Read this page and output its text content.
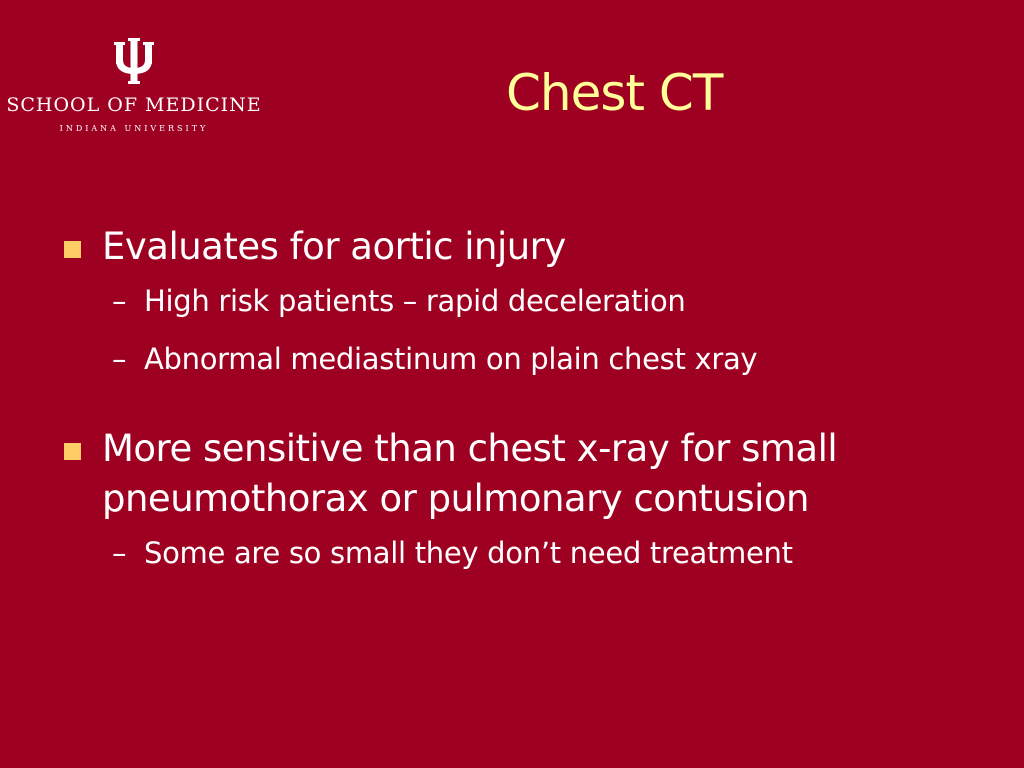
SCHOOL OF MEDICINE
INDIANA UNIVERSITY
Chest CT
Evaluates for aortic injury
– High risk patients – rapid deceleration
– Abnormal mediastinum on plain chest xray
More sensitive than chest x-ray for small pneumothorax or pulmonary contusion
– Some are so small they don’t need treatment
